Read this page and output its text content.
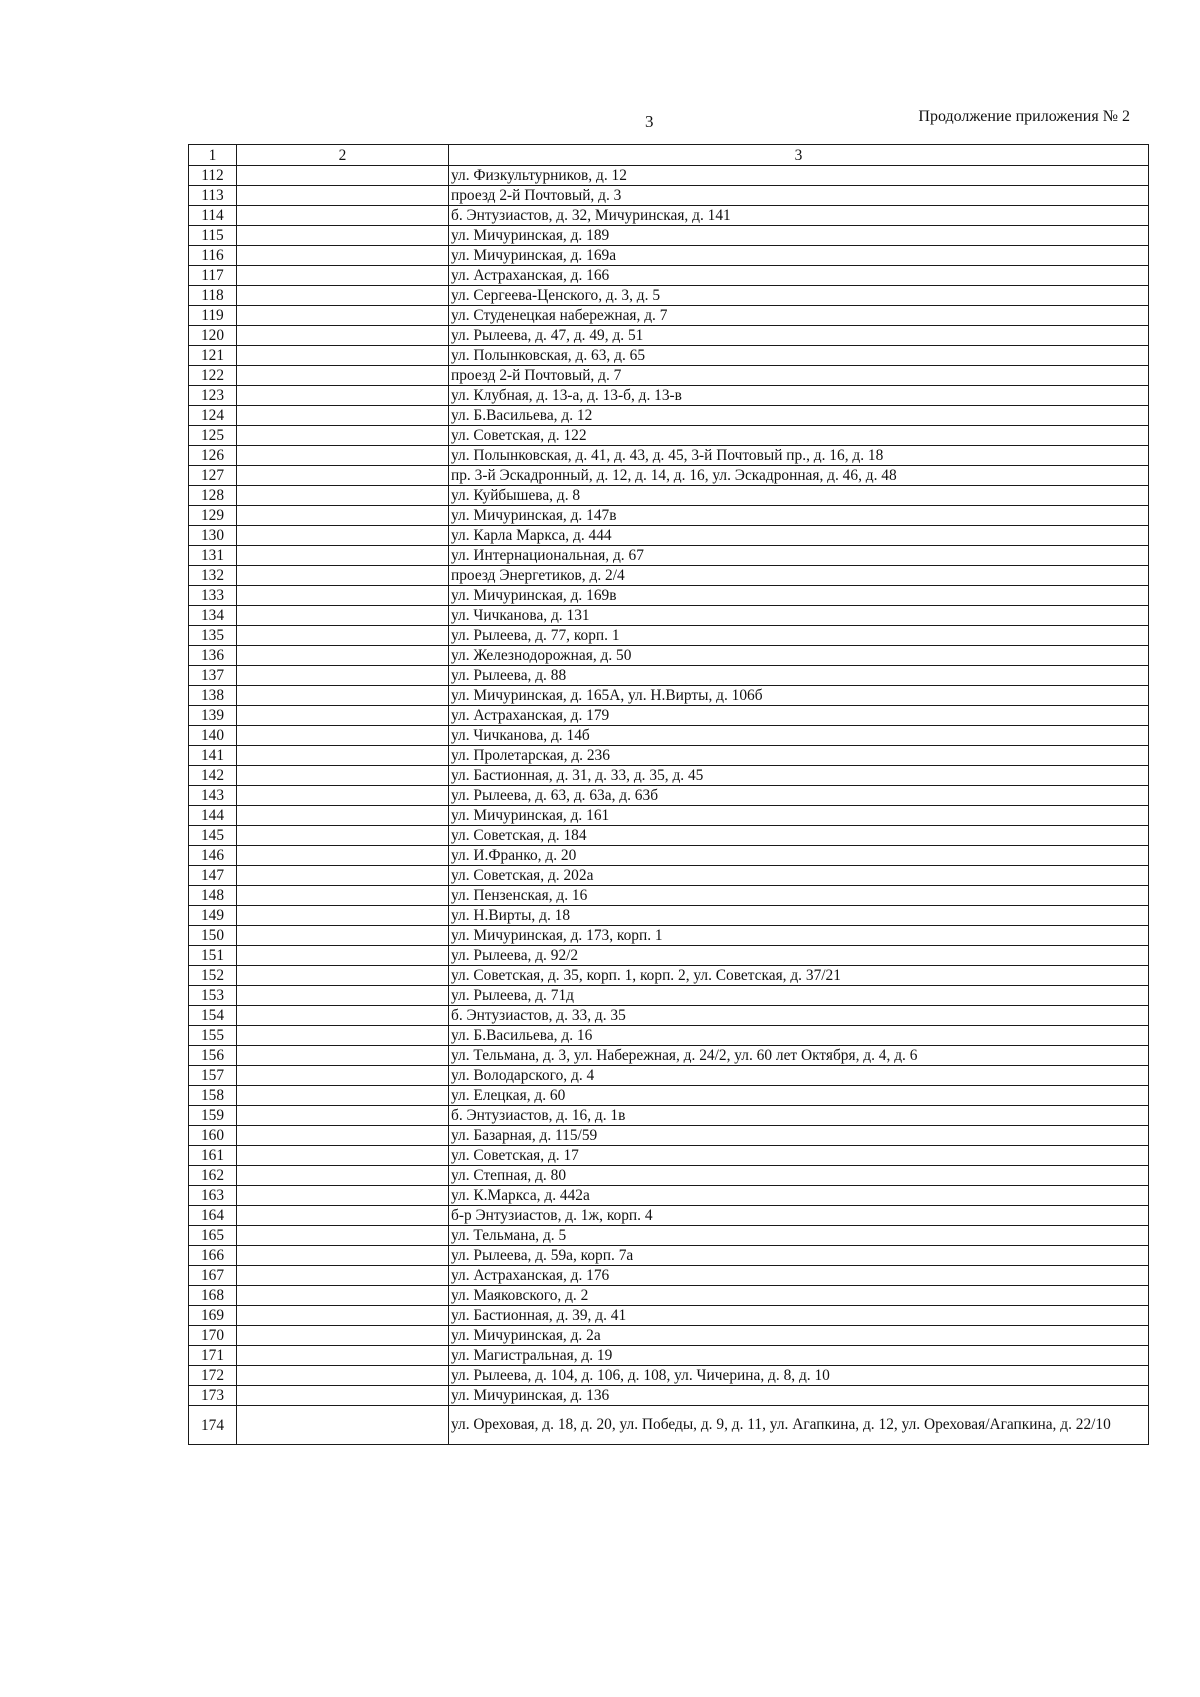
3	Продолжение приложения № 2
1	2	3
112		ул. Физкультурников, д. 12
113		проезд 2-й Почтовый, д. 3
114		б. Энтузиастов, д. 32, Мичуринская, д. 141
115		ул. Мичуринская, д. 189
116		ул. Мичуринская, д. 169а
117		ул. Астраханская, д. 166
118		ул. Сергеева-Ценского, д. 3, д. 5
119		ул. Студенецкая набережная, д. 7
120		ул. Рылеева, д. 47, д. 49, д. 51
121		ул. Полынковская, д. 63, д. 65
122		проезд 2-й Почтовый, д. 7
123		ул. Клубная, д. 13-а, д. 13-б, д. 13-в
124		ул. Б.Васильева, д. 12
125		ул. Советская, д. 122
126		ул. Полынковская, д. 41, д. 43, д. 45, 3-й Почтовый пр., д. 16, д. 18
127		пр. 3-й Эскадронный, д. 12, д. 14, д. 16, ул. Эскадронная, д. 46, д. 48
128		ул. Куйбышева, д. 8
129		ул. Мичуринская, д. 147в
130		ул. Карла Маркса, д. 444
131		ул. Интернациональная, д. 67
132		проезд Энергетиков, д. 2/4
133		ул. Мичуринская, д. 169в
134		ул. Чичканова, д. 131
135		ул. Рылеева, д. 77, корп. 1
136		ул. Железнодорожная, д. 50
137		ул. Рылеева, д. 88
138		ул. Мичуринская, д. 165А, ул. Н.Вирты, д. 106б
139		ул. Астраханская, д. 179
140		ул. Чичканова, д. 14б
141		ул. Пролетарская, д. 236
142		ул. Бастионная, д. 31, д. 33, д. 35, д. 45
143		ул. Рылеева, д. 63, д. 63а, д. 63б
144		ул. Мичуринская, д. 161
145		ул. Советская, д. 184
146		ул. И.Франко, д. 20
147		ул. Советская, д. 202а
148		ул. Пензенская, д. 16
149		ул. Н.Вирты, д. 18
150		ул. Мичуринская, д. 173, корп. 1
151		ул. Рылеева, д. 92/2
152		ул. Советская, д. 35, корп. 1, корп. 2, ул. Советская, д. 37/21
153		ул. Рылеева, д. 71д
154		б. Энтузиастов, д. 33, д. 35
155		ул. Б.Васильева, д. 16
156		ул. Тельмана, д. 3, ул. Набережная, д. 24/2, ул. 60 лет Октября, д. 4, д. 6
157		ул. Володарского, д. 4
158		ул. Елецкая, д. 60
159		б. Энтузиастов, д. 16, д. 1в
160		ул. Базарная, д. 115/59
161		ул. Советская, д. 17
162		ул. Степная, д. 80
163		ул. К.Маркса, д. 442а
164		б-р Энтузиастов, д. 1ж, корп. 4
165		ул. Тельмана, д. 5
166		ул. Рылеева, д. 59а, корп. 7а
167		ул. Астраханская, д. 176
168		ул. Маяковского, д. 2
169		ул. Бастионная, д. 39, д. 41
170		ул. Мичуринская, д. 2а
171		ул. Магистральная, д. 19
172		ул. Рылеева, д. 104, д. 106, д. 108, ул. Чичерина, д. 8, д. 10
173		ул. Мичуринская, д. 136
174		ул. Ореховая, д. 18, д. 20, ул. Победы, д. 9, д. 11, ул. Агапкина, д. 12, ул. Ореховая/Агапкина, д. 22/10
